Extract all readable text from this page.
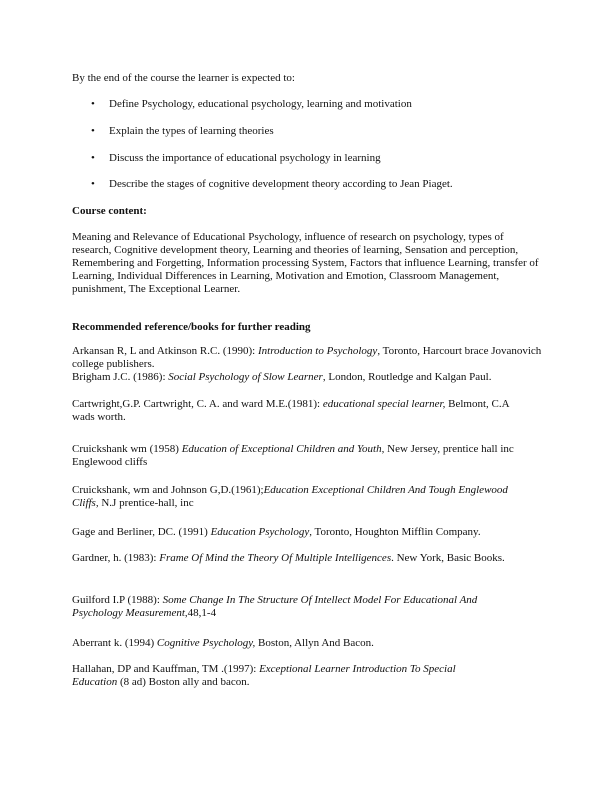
By the end of the course the learner is expected to:

• Define Psychology, educational psychology, learning and motivation
• Explain the types of learning theories
• Discuss the importance of educational psychology in learning
• Describe the stages of cognitive development theory according to Jean Piaget.

Course content:

Meaning and Relevance of Educational Psychology, influence of research on psychology, types of research, Cognitive development theory, Learning and theories of learning, Sensation and perception, Remembering and Forgetting, Information processing System, Factors that influence Learning, transfer of Learning, Individual Differences in Learning, Motivation and Emotion, Classroom Management, punishment, The Exceptional Learner.

Recommended reference/books for further reading

Arkansan R, L and Atkinson R.C. (1990): Introduction to Psychology, Toronto, Harcourt brace Jovanovich college publishers.

Brigham J.C. (1986): Social Psychology of Slow Learner, London, Routledge and Kalgan Paul.

Cartwright,G.P. Cartwright, C. A. and ward M.E.(1981): educational special learner, Belmont, C.A wads worth.

Cruickshank wm (1958) Education of Exceptional Children and Youth, New Jersey, prentice hall inc Englewood cliffs

Cruickshank, wm and Johnson G,D.(1961);Education Exceptional Children And Tough Englewood Cliffs, N.J prentice-hall, inc

Gage and Berliner, DC. (1991) Education Psychology, Toronto, Houghton Mifflin Company.

Gardner, h. (1983): Frame Of Mind the Theory Of Multiple Intelligences. New York, Basic Books.

Guilford I.P (1988): Some Change In The Structure Of Intellect Model For Educational And Psychology Measurement,48,1-4

Aberrant k. (1994) Cognitive Psychology, Boston, Allyn And Bacon.

Hallahan, DP and Kauffman, TM .(1997): Exceptional Learner Introduction To Special Education (8 ad) Boston ally and bacon.
